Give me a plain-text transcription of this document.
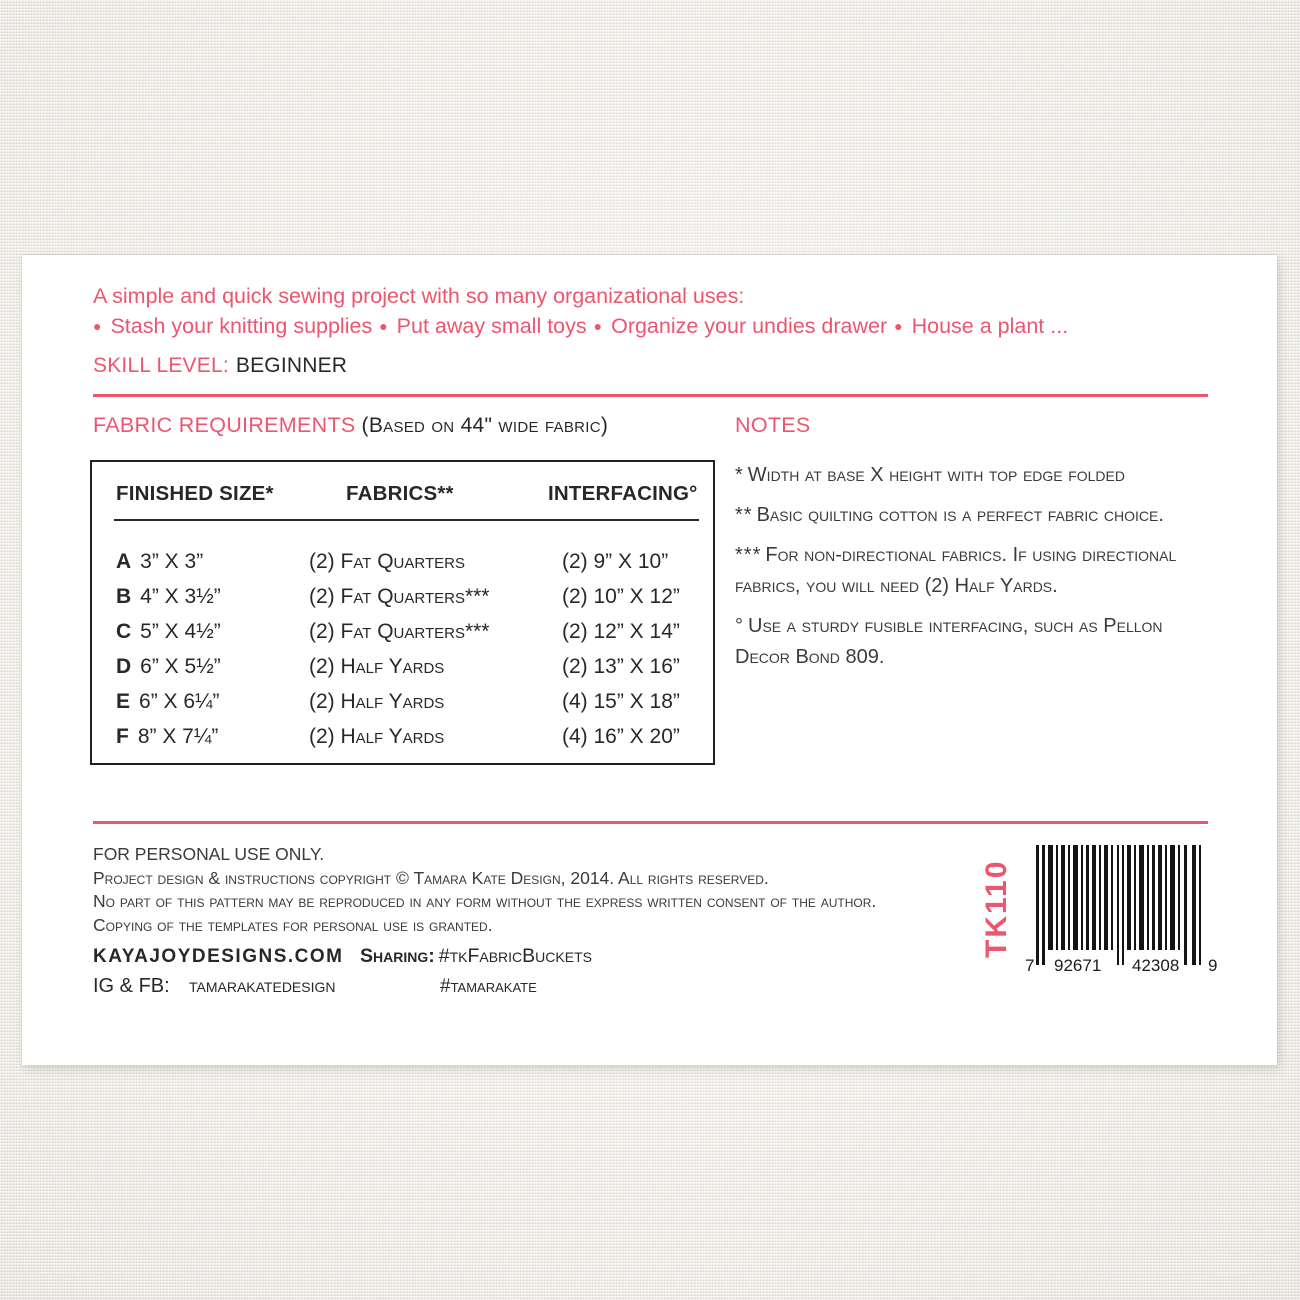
A simple and quick sewing project with so many organizational uses:
● Stash your knitting supplies ● Put away small toys ● Organize your undies drawer ● House a plant ...
SKILL LEVEL: BEGINNER
FABRIC REQUIREMENTS (Based on 44" wide fabric)
FINISHED SIZE*	FABRICS**	INTERFACING°
A 3” X 3”	(2) Fat Quarters	(2) 9” X 10”
B 4” X 3½”	(2) Fat Quarters***	(2) 10” X 12”
C 5” X 4½”	(2) Fat Quarters***	(2) 12” X 14”
D 6” X 5½”	(2) Half Yards	(2) 13” X 16”
E 6” X 6¼”	(2) Half Yards	(4) 15” X 18”
F 8” X 7¼”	(2) Half Yards	(4) 16” X 20”
NOTES

* Width at base X height with top edge folded

** Basic quilting cotton is a perfect fabric choice.

*** For non-directional fabrics. If using directional fabrics, you will need (2) Half Yards.

° Use a sturdy fusible interfacing, such as Pellon Decor Bond 809.

FOR PERSONAL USE ONLY.
Project design & instructions copyright © Tamara Kate Design, 2014. All rights reserved.
No part of this pattern may be reproduced in any form without the express written consent of the author.
Copying of the templates for personal use is granted.
KAYAJOYDESIGNS.COM Sharing: #tkFabricBuckets
IG & FB: tamarakatedesign	#tamarakate
TK110
7 92671 42308 9
